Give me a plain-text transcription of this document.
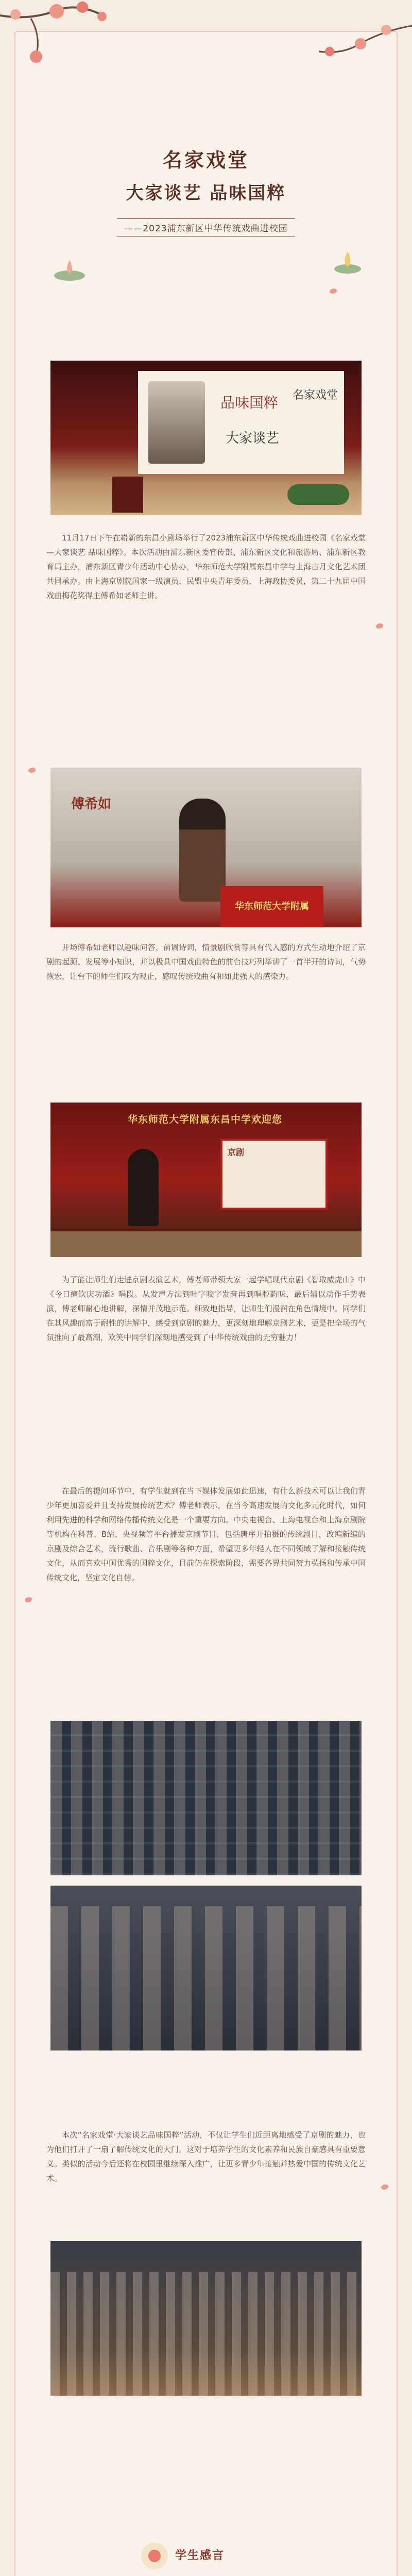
名家戏堂
大家谈艺 品味国粹
——2023浦东新区中华传统戏曲进校园
品味国粹 名家戏堂
大家谈艺

11月17日下午在崭新的东昌小剧场举行了2023浦东新区中华传统戏曲进校园《名家戏堂—大家谈艺 品味国粹》。本次活动由浦东新区委宣传部、浦东新区文化和旅游局、浦东新区教育局主办，浦东新区青少年活动中心协办，华东师范大学附属东昌中学与上海古月文化艺术团共同承办。由上海京剧院国家一级演员，民盟中央青年委员，上海政协委员，第二十九届中国戏曲梅花奖得主傅希如老师主讲。

傅希如
华东师范大学附属

开场傅希如老师以趣味问答、前调诗词，情景剧欣赏等具有代入感的方式生动地介绍了京剧的起源、发展等小知识，并以极具中国戏曲特色的前台技巧列举讲了一首半开的诗词，气势恢宏，让台下的师生们叹为观止，感叹传统戏曲有和如此强大的感染力。

华东师范大学附属东昌中学欢迎您
京剧

为了能让师生们走进京剧表演艺术，傅老师带领大家一起学唱现代京剧《智取威虎山》中《今日痛饮庆功酒》唱段。从发声方法到吐字咬字发音再到唱腔韵味，最后辅以动作手势表演，傅老师耐心地讲解，深情并茂地示范。细致地指导，让师生们漫润在角色情境中。同学们在其风趣而富于耐性的讲解中，感受到京剧的魅力，更深刻地理解京剧艺术，更是把全场的气氛推向了最高潮，欢笑中同学们深刻地感受到了中华传统戏曲的无穷魅力！

在最后的提问环节中，有学生就到在当下媒体发展如此迅速，有什么新技术可以让我们青少年更加喜爱并且支持发展传统艺术？傅老师表示，在当今高速发展的文化多元化时代，如何利用先进的科学和网络传播传统文化是一个重要方向。中央电视台、上海电视台和上海京剧院等机构在科普、B站、央视频等平台播发京剧节目，包括唐序开拍摄的传统剧目，改编新编的京剧及综合艺术，流行歌曲、音乐剧等各种方面，希望更多年轻人在不同领域了解和接触传统文化，从而喜欢中国优秀的国粹文化，目前仍在探索阶段，需要各界共同努力弘扬和传承中国传统文化，坚定文化自信。

本次“名家戏堂·大家谈艺品味国粹”活动，不仅让学生们近距离地感受了京剧的魅力，也为他们打开了一扇了解传统文化的大门。这对于培养学生的文化素养和民族自豪感具有重要意义。类似的活动今后还将在校园里继续深入推广，让更多青少年接触并热爱中国的传统文化艺术。

学生感言
